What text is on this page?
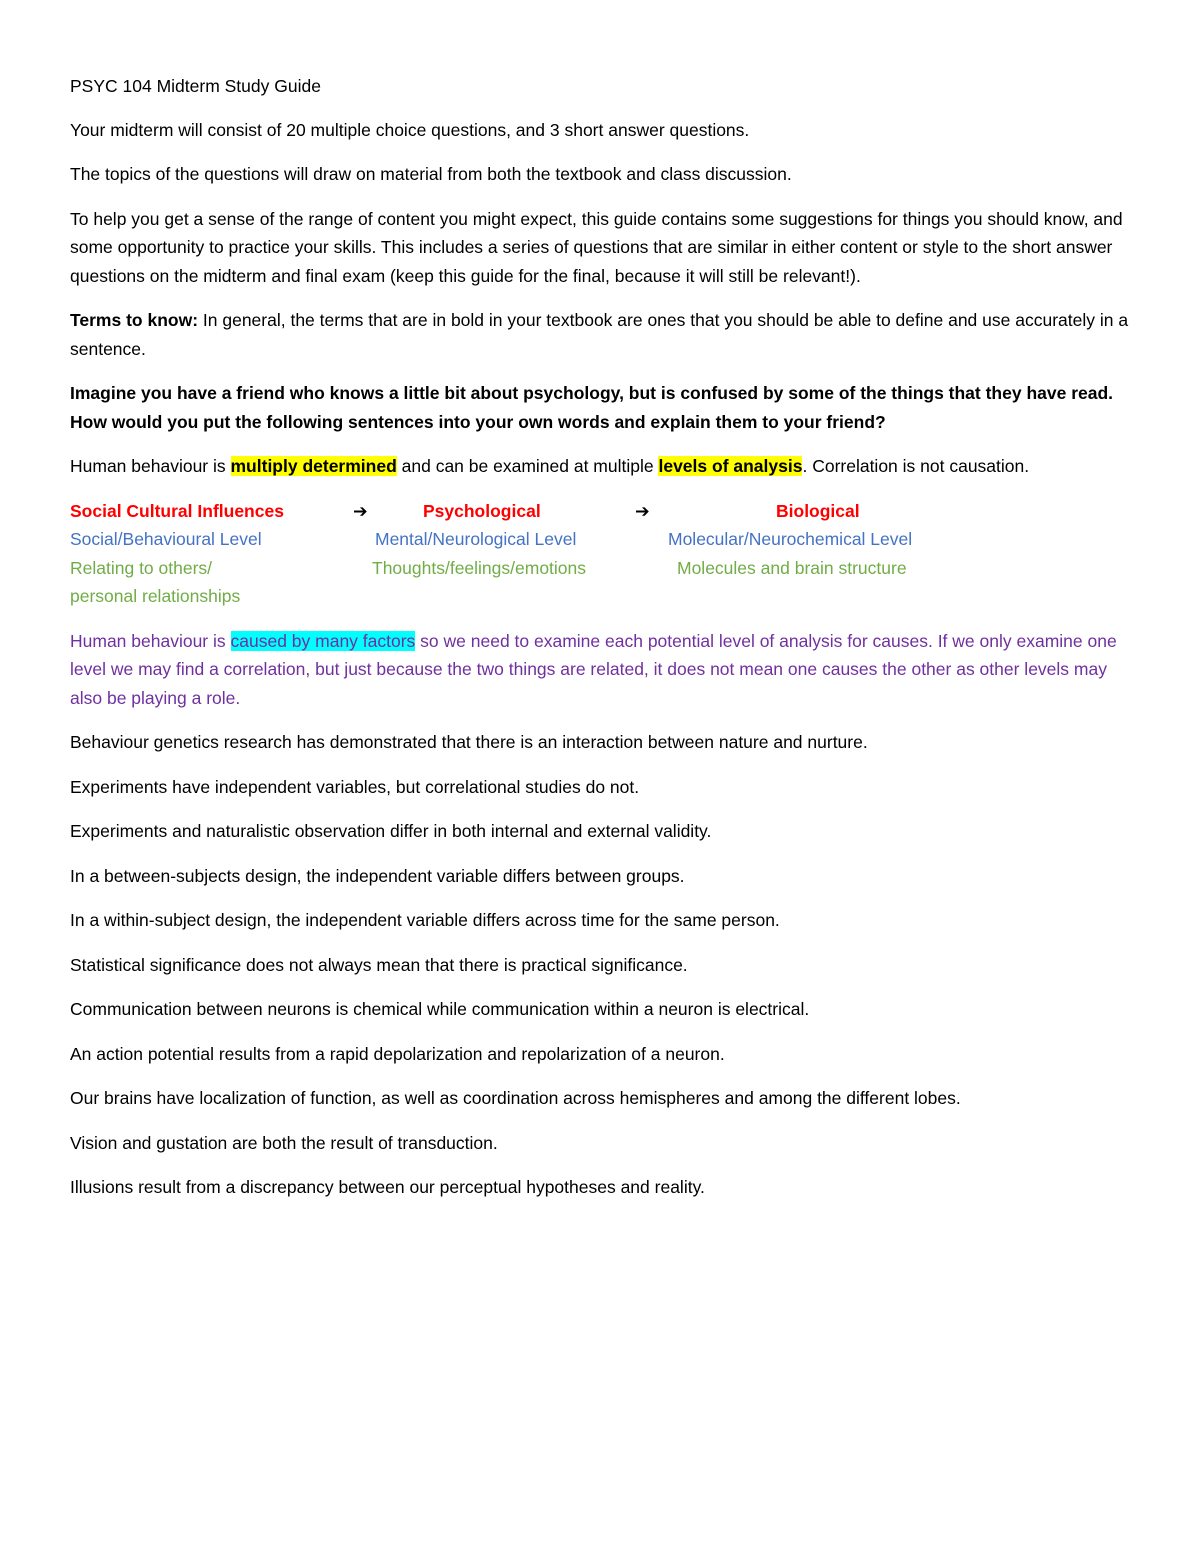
PSYC 104 Midterm Study Guide

Your midterm will consist of 20 multiple choice questions, and 3 short answer questions.

The topics of the questions will draw on material from both the textbook and class discussion.

To help you get a sense of the range of content you might expect, this guide contains some suggestions for things you should know, and some opportunity to practice your skills. This includes a series of questions that are similar in either content or style to the short answer questions on the midterm and final exam (keep this guide for the final, because it will still be relevant!).

Terms to know: In general, the terms that are in bold in your textbook are ones that you should be able to define and use accurately in a sentence.

Imagine you have a friend who knows a little bit about psychology, but is confused by some of the things that they have read. How would you put the following sentences into your own words and explain them to your friend?

Human behaviour is multiply determined and can be examined at multiple levels of analysis. Correlation is not causation.

Social Cultural Influences	➔	Psychological	➔	Biological
Social/Behavioural Level	Mental/Neurological Level	Molecular/Neurochemical Level
Relating to others/	Thoughts/feelings/emotions	Molecules and brain structure
personal relationships

Human behaviour is caused by many factors so we need to examine each potential level of analysis for causes. If we only examine one level we may find a correlation, but just because the two things are related, it does not mean one causes the other as other levels may also be playing a role.

Behaviour genetics research has demonstrated that there is an interaction between nature and nurture.

Experiments have independent variables, but correlational studies do not.

Experiments and naturalistic observation differ in both internal and external validity.

In a between-subjects design, the independent variable differs between groups.

In a within-subject design, the independent variable differs across time for the same person.

Statistical significance does not always mean that there is practical significance.

Communication between neurons is chemical while communication within a neuron is electrical.

An action potential results from a rapid depolarization and repolarization of a neuron.

Our brains have localization of function, as well as coordination across hemispheres and among the different lobes.

Vision and gustation are both the result of transduction.

Illusions result from a discrepancy between our perceptual hypotheses and reality.
